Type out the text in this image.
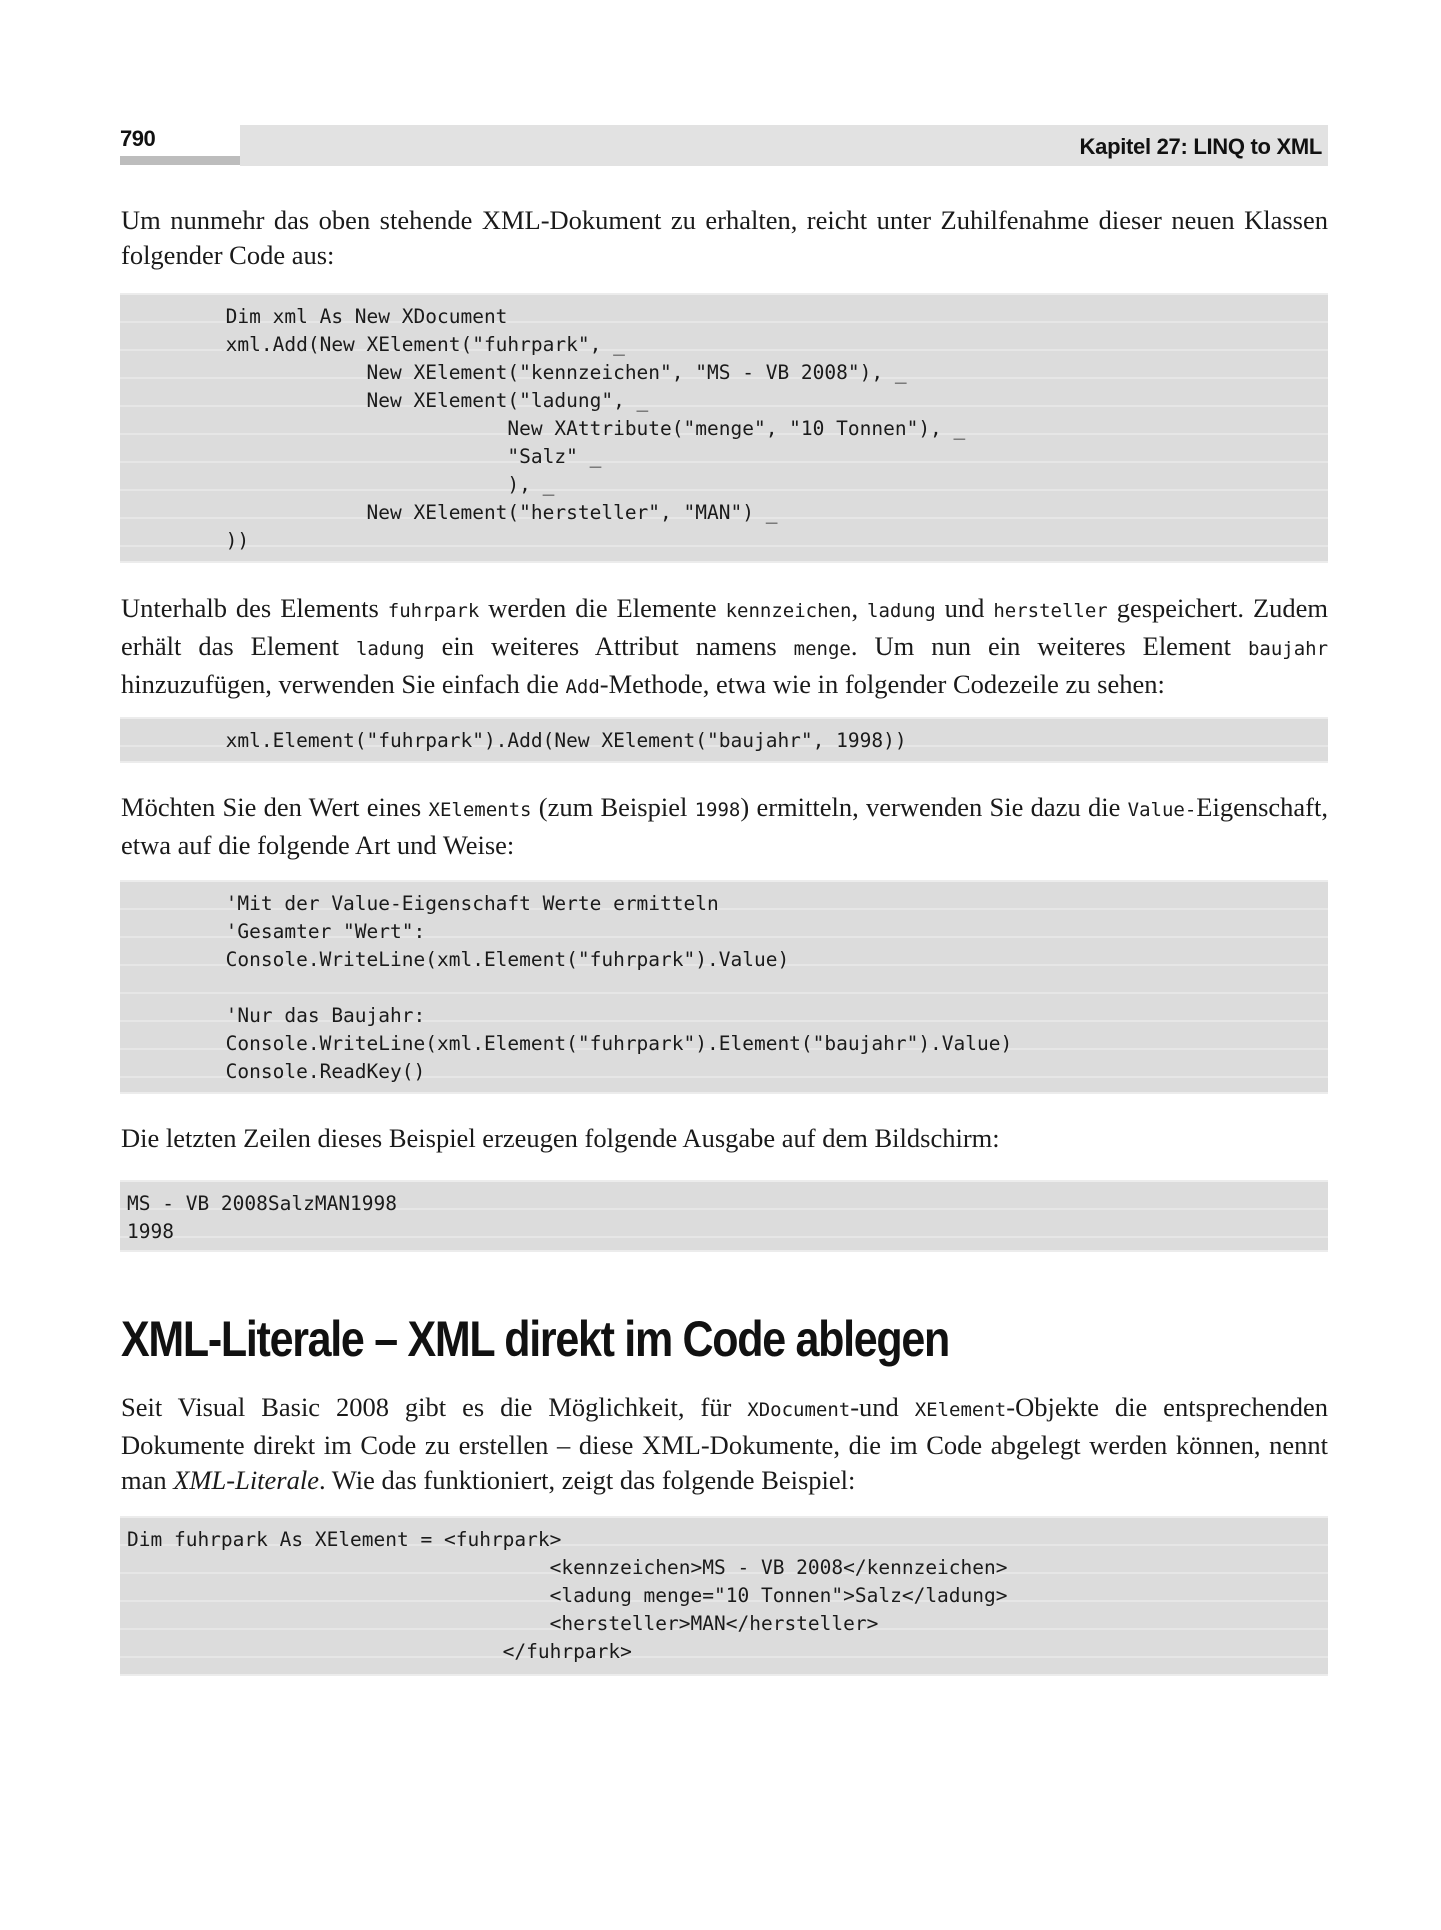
790	Kapitel 27: LINQ to XML

Um nunmehr das oben stehende XML-Dokument zu erhalten, reicht unter Zuhilfenahme dieser neuen Klassen folgender Code aus:

Dim xml As New XDocument
xml.Add(New XElement("fuhrpark", _
New XElement("kennzeichen", "MS - VB 2008"), _
New XElement("ladung", _
New XAttribute("menge", "10 Tonnen"), _
"Salz" _
), _
New XElement("hersteller", "MAN") _
))

Unterhalb des Elements fuhrpark werden die Elemente kennzeichen, ladung und hersteller gespeichert. Zudem erhält das Element ladung ein weiteres Attribut namens menge. Um nun ein weiteres Element baujahr hinzuzufügen, verwenden Sie einfach die Add-Methode, etwa wie in folgender Codezeile zu sehen:

xml.Element("fuhrpark").Add(New XElement("baujahr", 1998))

Möchten Sie den Wert eines XElements (zum Beispiel 1998) ermitteln, verwenden Sie dazu die Value-Eigenschaft, etwa auf die folgende Art und Weise:

'Mit der Value-Eigenschaft Werte ermitteln
'Gesamter "Wert":
Console.WriteLine(xml.Element("fuhrpark").Value)

'Nur das Baujahr:
Console.WriteLine(xml.Element("fuhrpark").Element("baujahr").Value)
Console.ReadKey()

Die letzten Zeilen dieses Beispiel erzeugen folgende Ausgabe auf dem Bildschirm:

MS - VB 2008SalzMAN1998
1998
XML-Literale – XML direkt im Code ablegen

Seit Visual Basic 2008 gibt es die Möglichkeit, für XDocument-und XElement-Objekte die entsprechenden Dokumente direkt im Code zu erstellen – diese XML-Dokumente, die im Code abgelegt werden können, nennt man XML-Literale. Wie das funktioniert, zeigt das folgende Beispiel:

Dim fuhrpark As XElement = <fuhrpark>
<kennzeichen>MS - VB 2008</kennzeichen>
<ladung menge="10 Tonnen">Salz</ladung>
<hersteller>MAN</hersteller>
</fuhrpark>
